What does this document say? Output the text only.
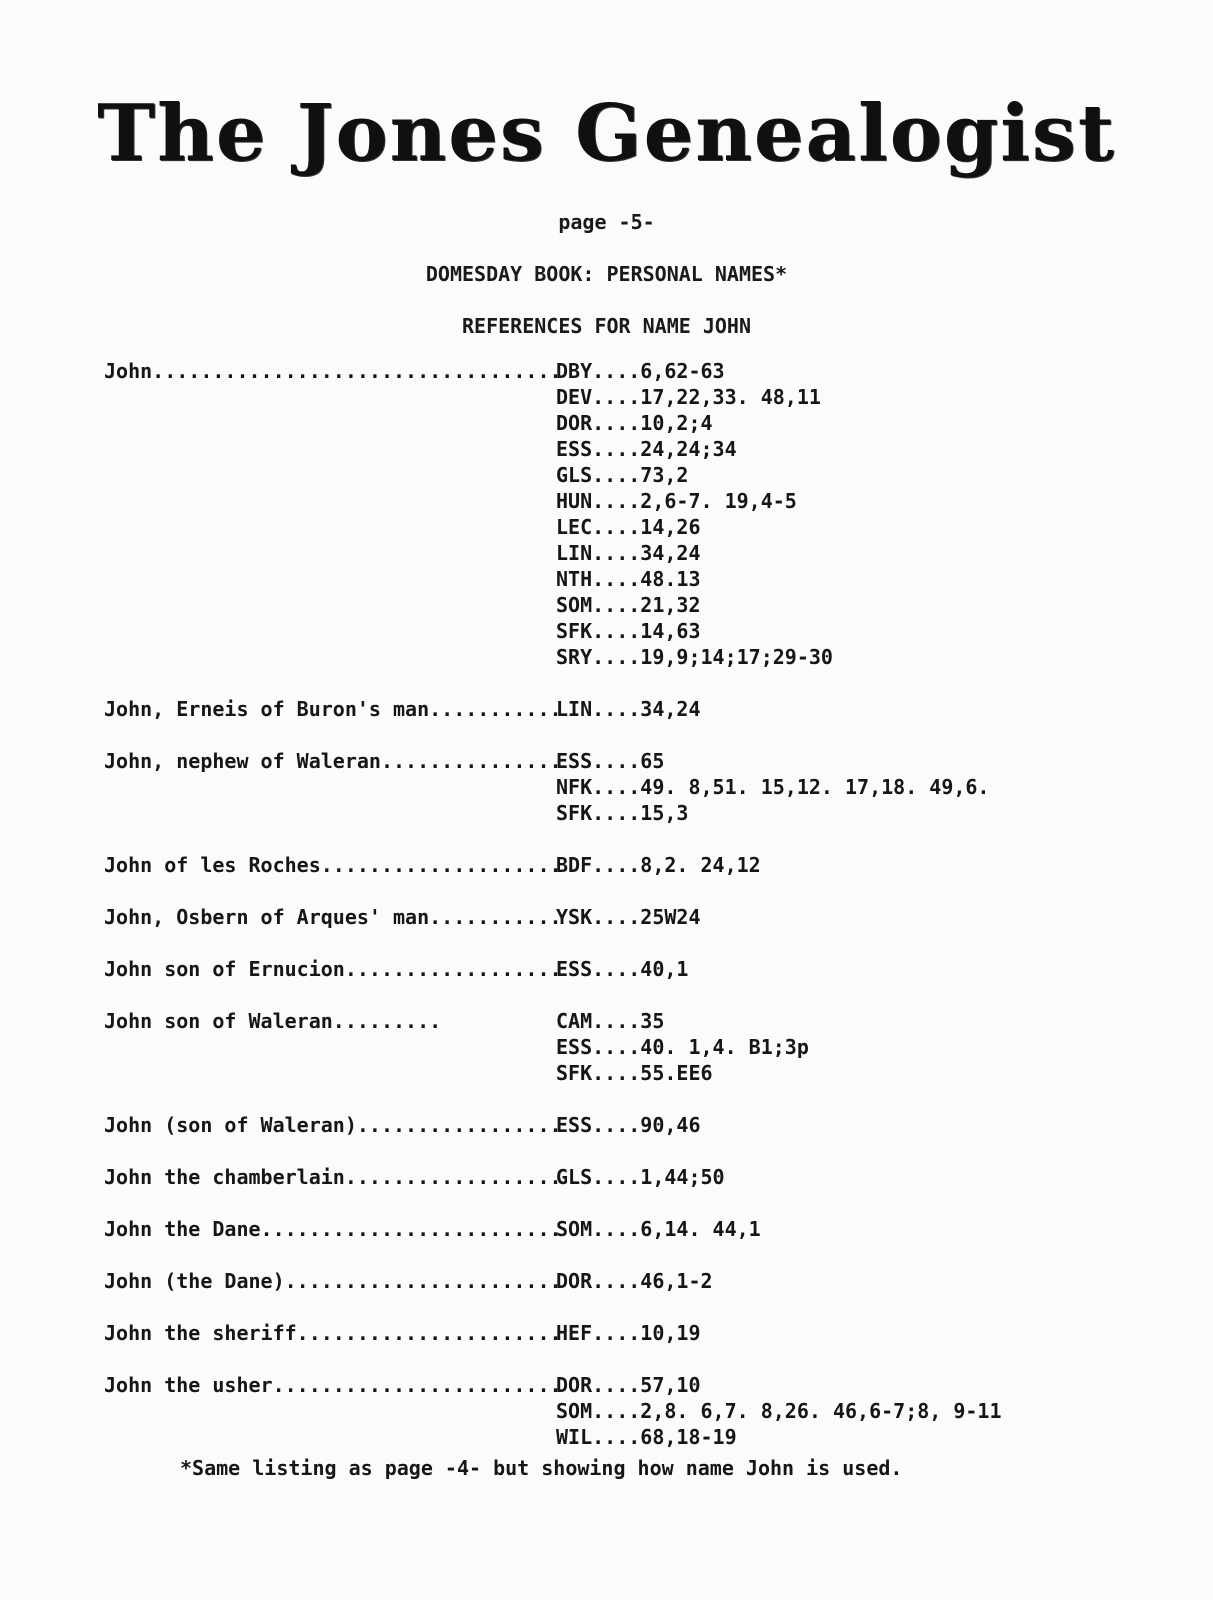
The Jones Genealogist
page -5-
DOMESDAY BOOK: PERSONAL NAMES*
REFERENCES FOR NAME JOHN
John..................................
DBY....6,62-63
DEV....17,22,33. 48,11
DOR....10,2;4
ESS....24,24;34
GLS....73,2
HUN....2,6-7. 19,4-5
LEC....14,26
LIN....34,24
NTH....48.13
SOM....21,32
SFK....14,63
SRY....19,9;14;17;29-30
John, Erneis of Buron's man...........
LIN....34,24
John, nephew of Waleran...............
ESS....65
NFK....49. 8,51. 15,12. 17,18. 49,6.
SFK....15,3
John of les Roches....................
BDF....8,2. 24,12
John, Osbern of Arques' man...........
YSK....25W24
John son of Ernucion..................
ESS....40,1
John son of Waleran.........	CAM....35
ESS....40. 1,4. B1;3p
SFK....55.EE6
John (son of Waleran).................
ESS....90,46
John the chamberlain..................
GLS....1,44;50
John the Dane.........................
SOM....6,14. 44,1
John (the Dane).......................
DOR....46,1-2
John the sheriff......................
HEF....10,19
John the usher........................
DOR....57,10
SOM....2,8. 6,7. 8,26. 46,6-7;8, 9-11
WIL....68,18-19
*Same listing as page -4- but showing how name John is used.
